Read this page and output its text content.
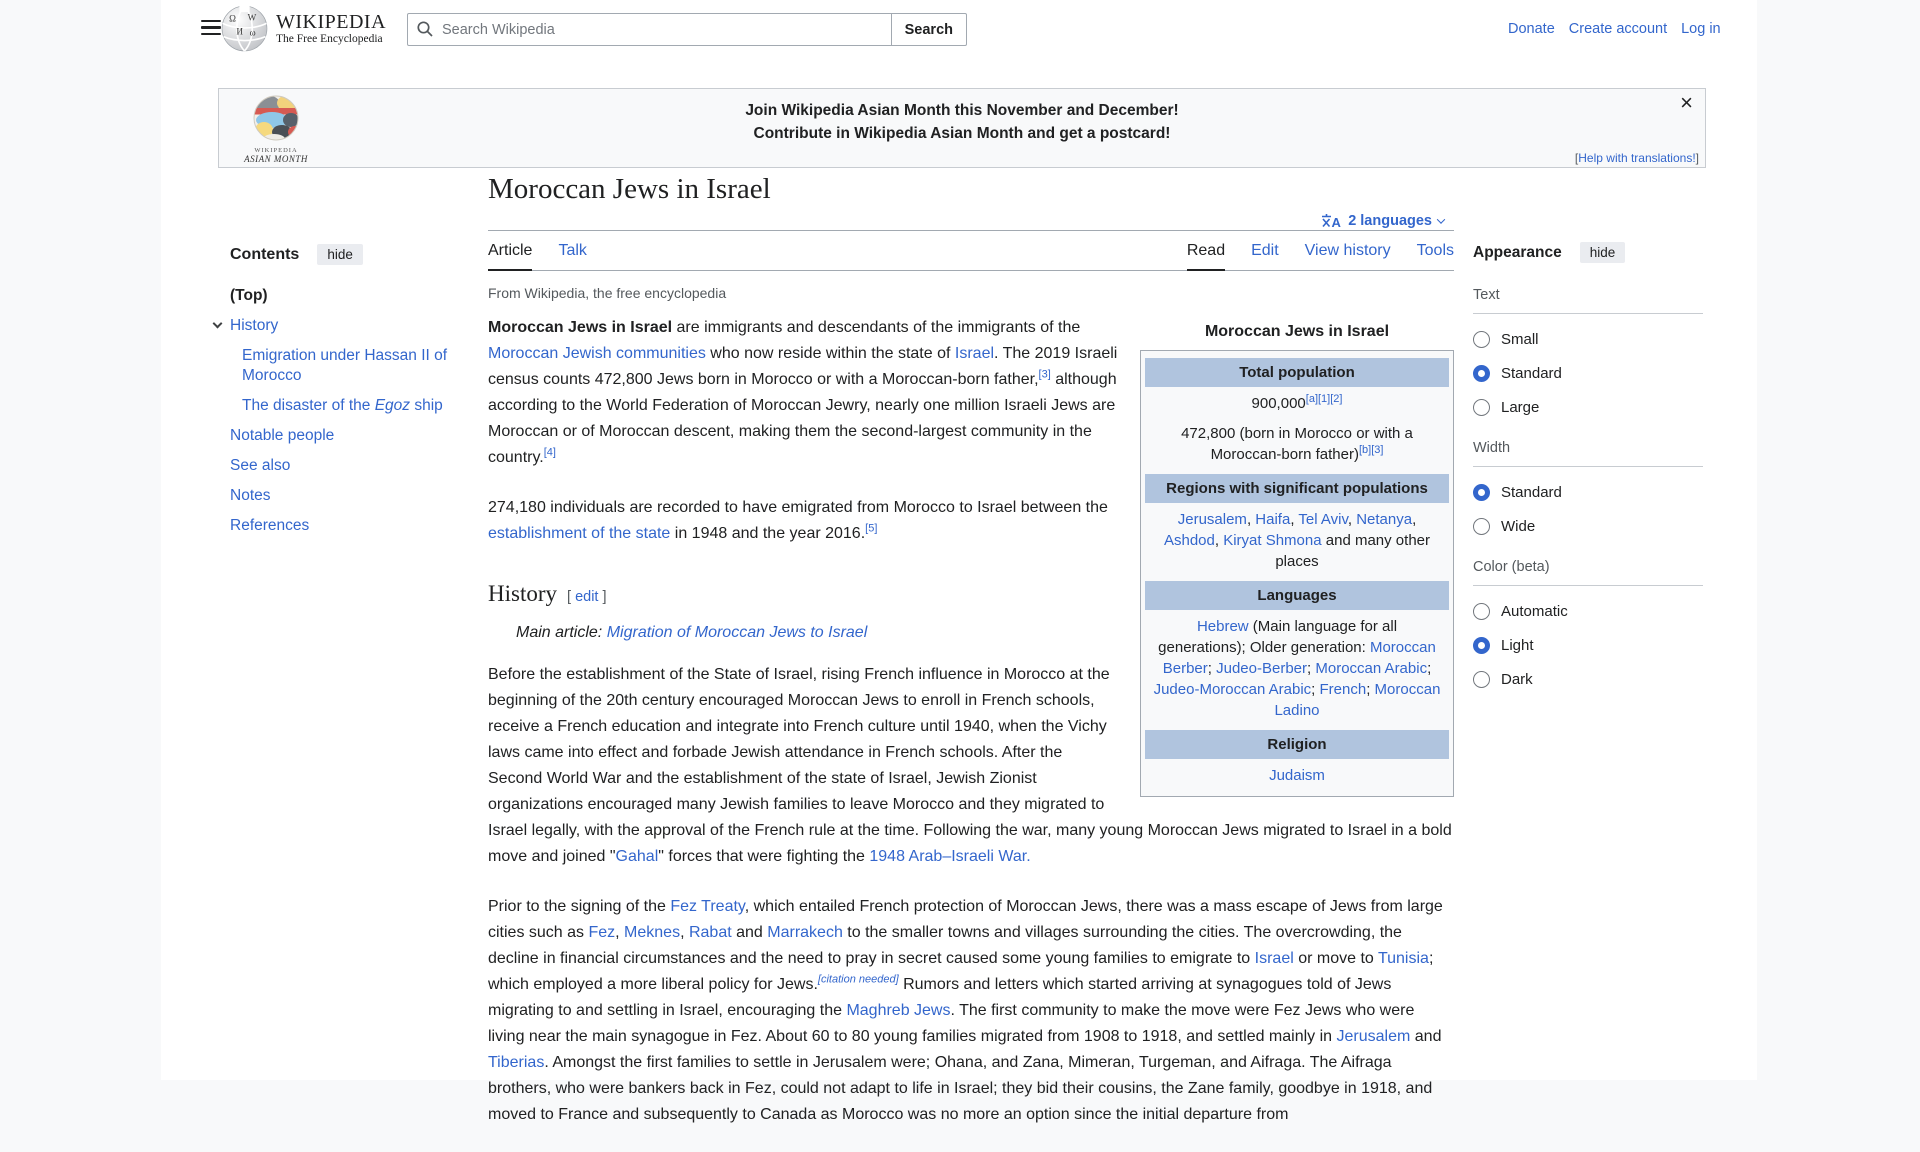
Ω W
И ω WIKIPEDIA
The Free Encyclopedia
Search Wikipedia
Search	Donate Create account Log in
WIKIPEDIA
ASIAN MONTH
Join Wikipedia Asian Month this November and December!
Contribute in Wikipedia Asian Month and get a postcard!
×
[Help with translations!]
Contents	hide
(Top)
History
Emigration under Hassan II of Morocco
The disaster of the Egoz ship
Notable people
See also
Notes
References
Moroccan Jews in Israel
A 2 languages
Article Talk	Read Edit View history Tools
From Wikipedia, the free encyclopedia
Moroccan Jews in Israel
Total population
900,000[a][1][2]
472,800 (born in Morocco or with a Moroccan-born father)[b][3]
Regions with significant populations
Jerusalem, Haifa, Tel Aviv, Netanya, Ashdod, Kiryat Shmona and many other places
Languages
Hebrew (Main language for all generations); Older generation: Moroccan Berber; Judeo-Berber; Moroccan Arabic; Judeo-Moroccan Arabic; French; Moroccan Ladino
Religion
Judaism

Moroccan Jews in Israel are immigrants and descendants of the immigrants of the Moroccan Jewish communities who now reside within the state of Israel. The 2019 Israeli census counts 472,800 Jews born in Morocco or with a Moroccan-born father,[3] although according to the World Federation of Moroccan Jewry, nearly one million Israeli Jews are Moroccan or of Moroccan descent, making them the second-largest community in the country.[4]

274,180 individuals are recorded to have emigrated from Morocco to Israel between the establishment of the state in 1948 and the year 2016.[5]

History [ edit ]
Main article: Migration of Moroccan Jews to Israel

Before the establishment of the State of Israel, rising French influence in Morocco at the beginning of the 20th century encouraged Moroccan Jews to enroll in French schools, receive a French education and integrate into French culture until 1940, when the Vichy laws came into effect and forbade Jewish attendance in French schools. After the Second World War and the establishment of the state of Israel, Jewish Zionist organizations encouraged many Jewish families to leave Morocco and they migrated to Israel legally, with the approval of the French rule at the time. Following the war, many young Moroccan Jews migrated to Israel in a bold move and joined "Gahal" forces that were fighting the 1948 Arab–Israeli War.

Prior to the signing of the Fez Treaty, which entailed French protection of Moroccan Jews, there was a mass escape of Jews from large cities such as Fez, Meknes, Rabat and Marrakech to the smaller towns and villages surrounding the cities. The overcrowding, the decline in financial circumstances and the need to pray in secret caused some young families to emigrate to Israel or move to Tunisia; which employed a more liberal policy for Jews.[citation needed] Rumors and letters which started arriving at synagogues told of Jews migrating to and settling in Israel, encouraging the Maghreb Jews. The first community to make the move were Fez Jews who were living near the main synagogue in Fez. About 60 to 80 young families migrated from 1908 to 1918, and settled mainly in Jerusalem and Tiberias. Amongst the first families to settle in Jerusalem were; Ohana, and Zana, Mimeran, Turgeman, and Aifraga. The Aifraga brothers, who were bankers back in Fez, could not adapt to life in Israel; they bid their cousins, the Zane family, goodbye in 1918, and moved to France and subsequently to Canada as Morocco was no more an option since the initial departure from

Appearance	hide
Text
Small
Standard
Large
Width
Standard
Wide
Color (beta)
Automatic
Light
Dark
